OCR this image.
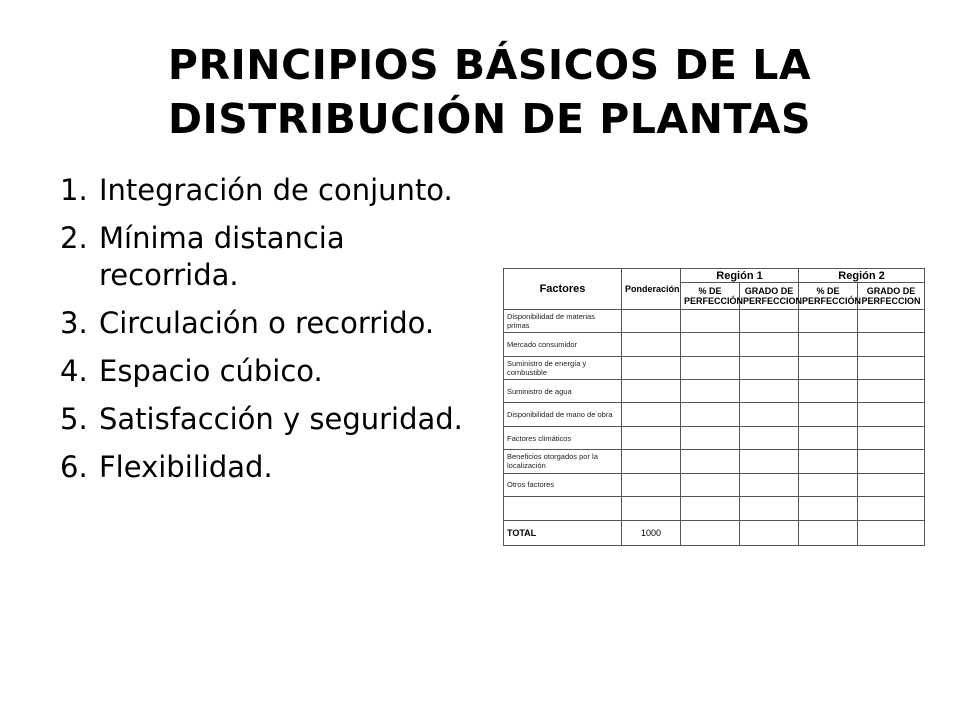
PRINCIPIOS BÁSICOS DE LA
DISTRIBUCIÓN DE PLANTAS
1. Integración de conjunto.
2. Mínima distancia recorrida.
3. Circulación o recorrido.
4. Espacio cúbico.
5. Satisfacción y seguridad.
6. Flexibilidad.
Factores	Ponderación	Región 1		Región 2	
		% DE PERFECCIÓN	GRADO DE PERFECCION	% DE PERFECCIÓN	GRADO DE PERFECCION
Disponibilidad de materias primas					
Mercado consumidor					
Suministro de energía y combustible					
Suministro de agua					
Disponibilidad de mano de obra					
Factores climáticos					
Beneficios otorgados por la localización					
Otros factores					

TOTAL	1000				
